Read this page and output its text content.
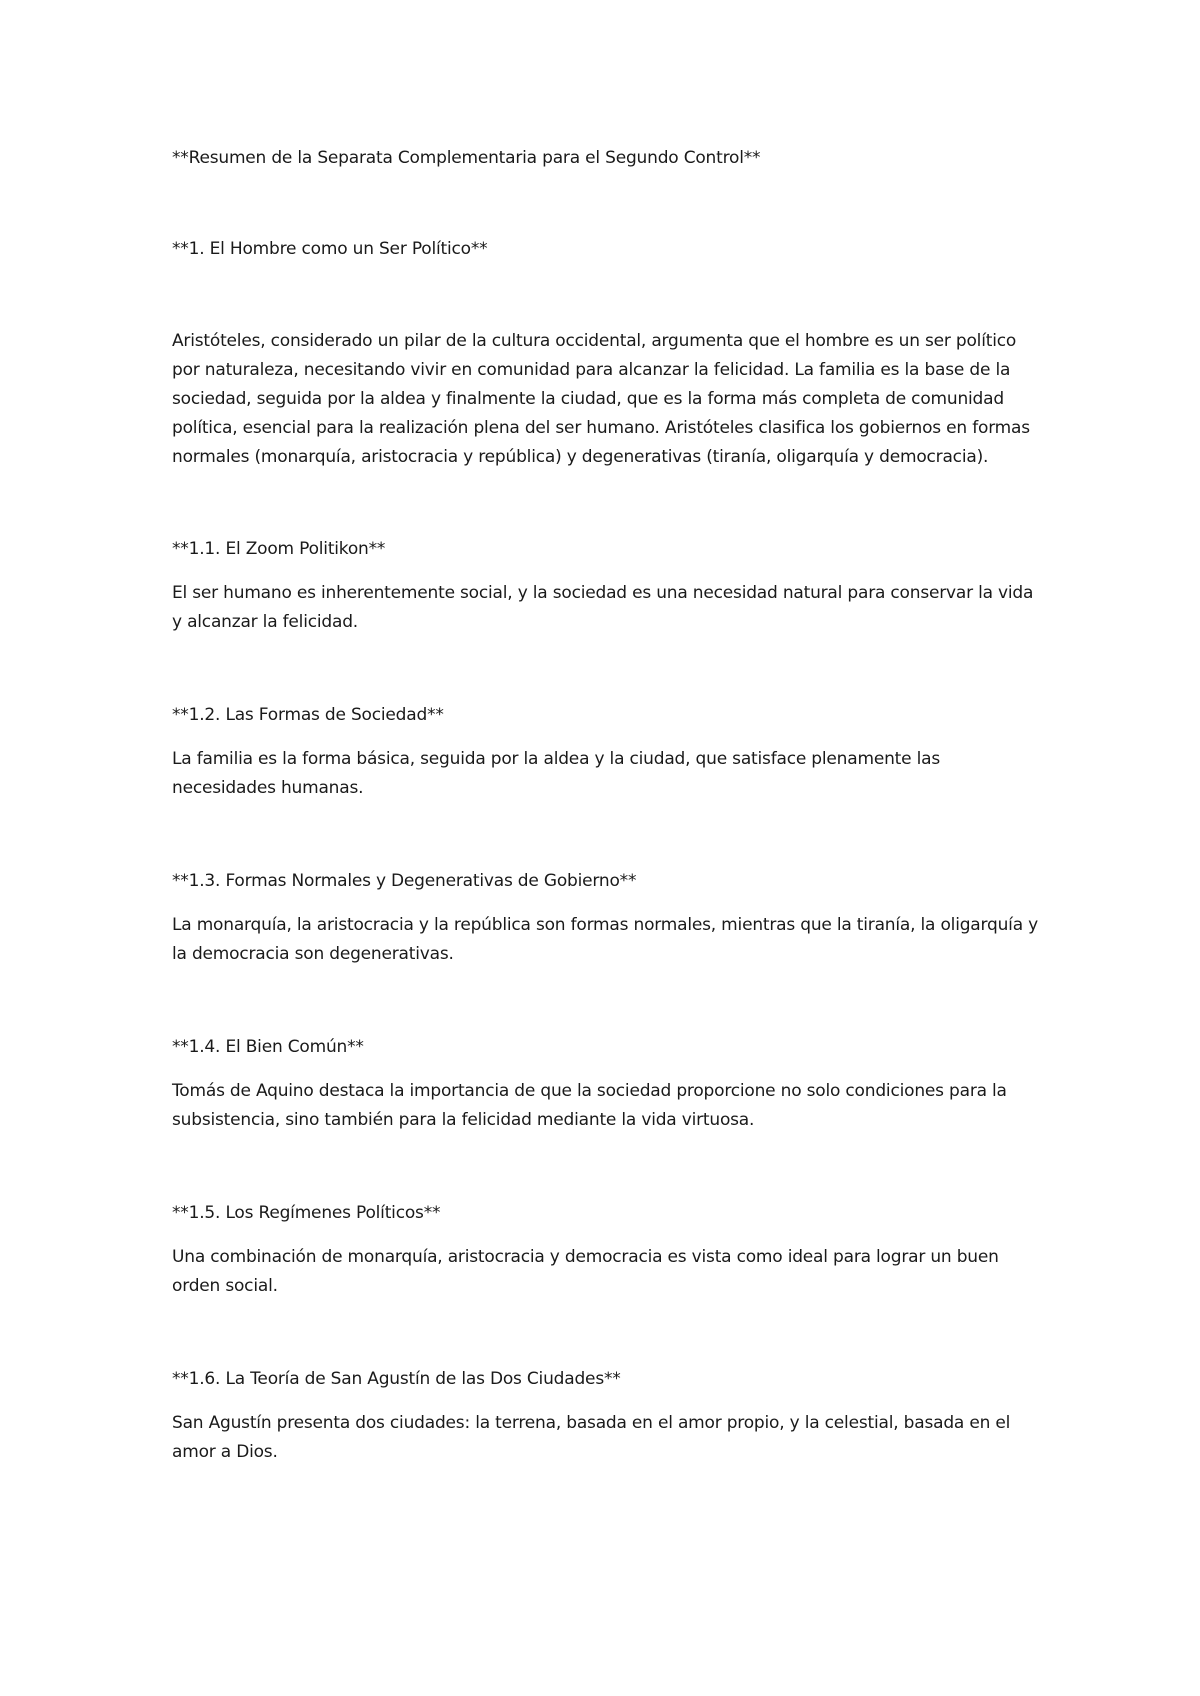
**Resumen de la Separata Complementaria para el Segundo Control**

**1. El Hombre como un Ser Político**

Aristóteles, considerado un pilar de la cultura occidental, argumenta que el hombre es un ser político por naturaleza, necesitando vivir en comunidad para alcanzar la felicidad. La familia es la base de la sociedad, seguida por la aldea y finalmente la ciudad, que es la forma más completa de comunidad política, esencial para la realización plena del ser humano. Aristóteles clasifica los gobiernos en formas normales (monarquía, aristocracia y república) y degenerativas (tiranía, oligarquía y democracia).

**1.1. El Zoom Politikon**

El ser humano es inherentemente social, y la sociedad es una necesidad natural para conservar la vida y alcanzar la felicidad.

**1.2. Las Formas de Sociedad**

La familia es la forma básica, seguida por la aldea y la ciudad, que satisface plenamente las necesidades humanas.

**1.3. Formas Normales y Degenerativas de Gobierno**

La monarquía, la aristocracia y la república son formas normales, mientras que la tiranía, la oligarquía y la democracia son degenerativas.

**1.4. El Bien Común**

Tomás de Aquino destaca la importancia de que la sociedad proporcione no solo condiciones para la subsistencia, sino también para la felicidad mediante la vida virtuosa.

**1.5. Los Regímenes Políticos**

Una combinación de monarquía, aristocracia y democracia es vista como ideal para lograr un buen orden social.

**1.6. La Teoría de San Agustín de las Dos Ciudades**

San Agustín presenta dos ciudades: la terrena, basada en el amor propio, y la celestial, basada en el amor a Dios.
